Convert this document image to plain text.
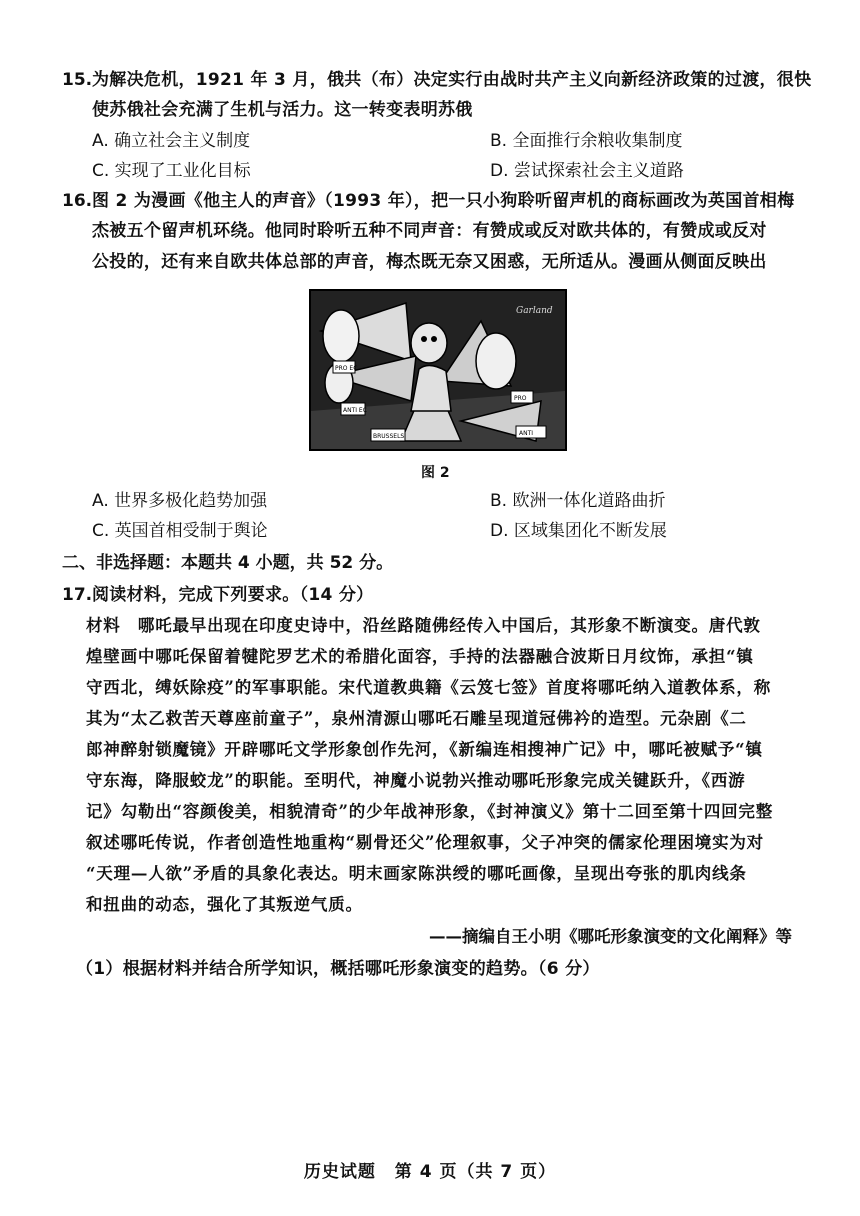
15. 为解决危机，1921 年 3 月，俄共（布）决定实行由战时共产主义向新经济政策的过渡，很快
使苏俄社会充满了生机与活力。这一转变表明苏俄
A. 确立社会主义制度	B. 全面推行余粮收集制度
C. 实现了工业化目标	D. 尝试探索社会主义道路
16. 图 2 为漫画《他主人的声音》（1993 年），把一只小狗聆听留声机的商标画改为英国首相梅
杰被五个留声机环绕。他同时聆听五种不同声音：有赞成或反对欧共体的，有赞成或反对
公投的，还有来自欧共体总部的声音，梅杰既无奈又困惑，无所适从。漫画从侧面反映出
PRO EC
ANTI EC
PRO
ANTI
BRUSSELS
Garland
图 2
A. 世界多极化趋势加强	B. 欧洲一体化道路曲折
C. 英国首相受制于舆论	D. 区域集团化不断发展
二、非选择题：本题共 4 小题，共 52 分。
17. 阅读材料，完成下列要求。（14 分）
材料　哪吒最早出现在印度史诗中，沿丝路随佛经传入中国后，其形象不断演变。唐代敦
煌壁画中哪吒保留着犍陀罗艺术的希腊化面容，手持的法器融合波斯日月纹饰，承担“镇
守西北，缚妖除疫”的军事职能。宋代道教典籍《云笈七签》首度将哪吒纳入道教体系，称
其为“太乙救苦天尊座前童子”，泉州清源山哪吒石雕呈现道冠佛衿的造型。元杂剧《二
郎神醉射锁魔镜》开辟哪吒文学形象创作先河，《新编连相搜神广记》中，哪吒被赋予“镇
守东海，降服蛟龙”的职能。至明代，神魔小说勃兴推动哪吒形象完成关键跃升，《西游
记》勾勒出“容颜俊美，相貌清奇”的少年战神形象，《封神演义》第十二回至第十四回完整
叙述哪吒传说，作者创造性地重构“剔骨还父”伦理叙事，父子冲突的儒家伦理困境实为对
“天理—人欲”矛盾的具象化表达。明末画家陈洪绶的哪吒画像，呈现出夸张的肌肉线条
和扭曲的动态，强化了其叛逆气质。
——摘编自王小明《哪吒形象演变的文化阐释》等
（1）根据材料并结合所学知识，概括哪吒形象演变的趋势。（6 分）
历史试题 第 4 页（共 7 页）
